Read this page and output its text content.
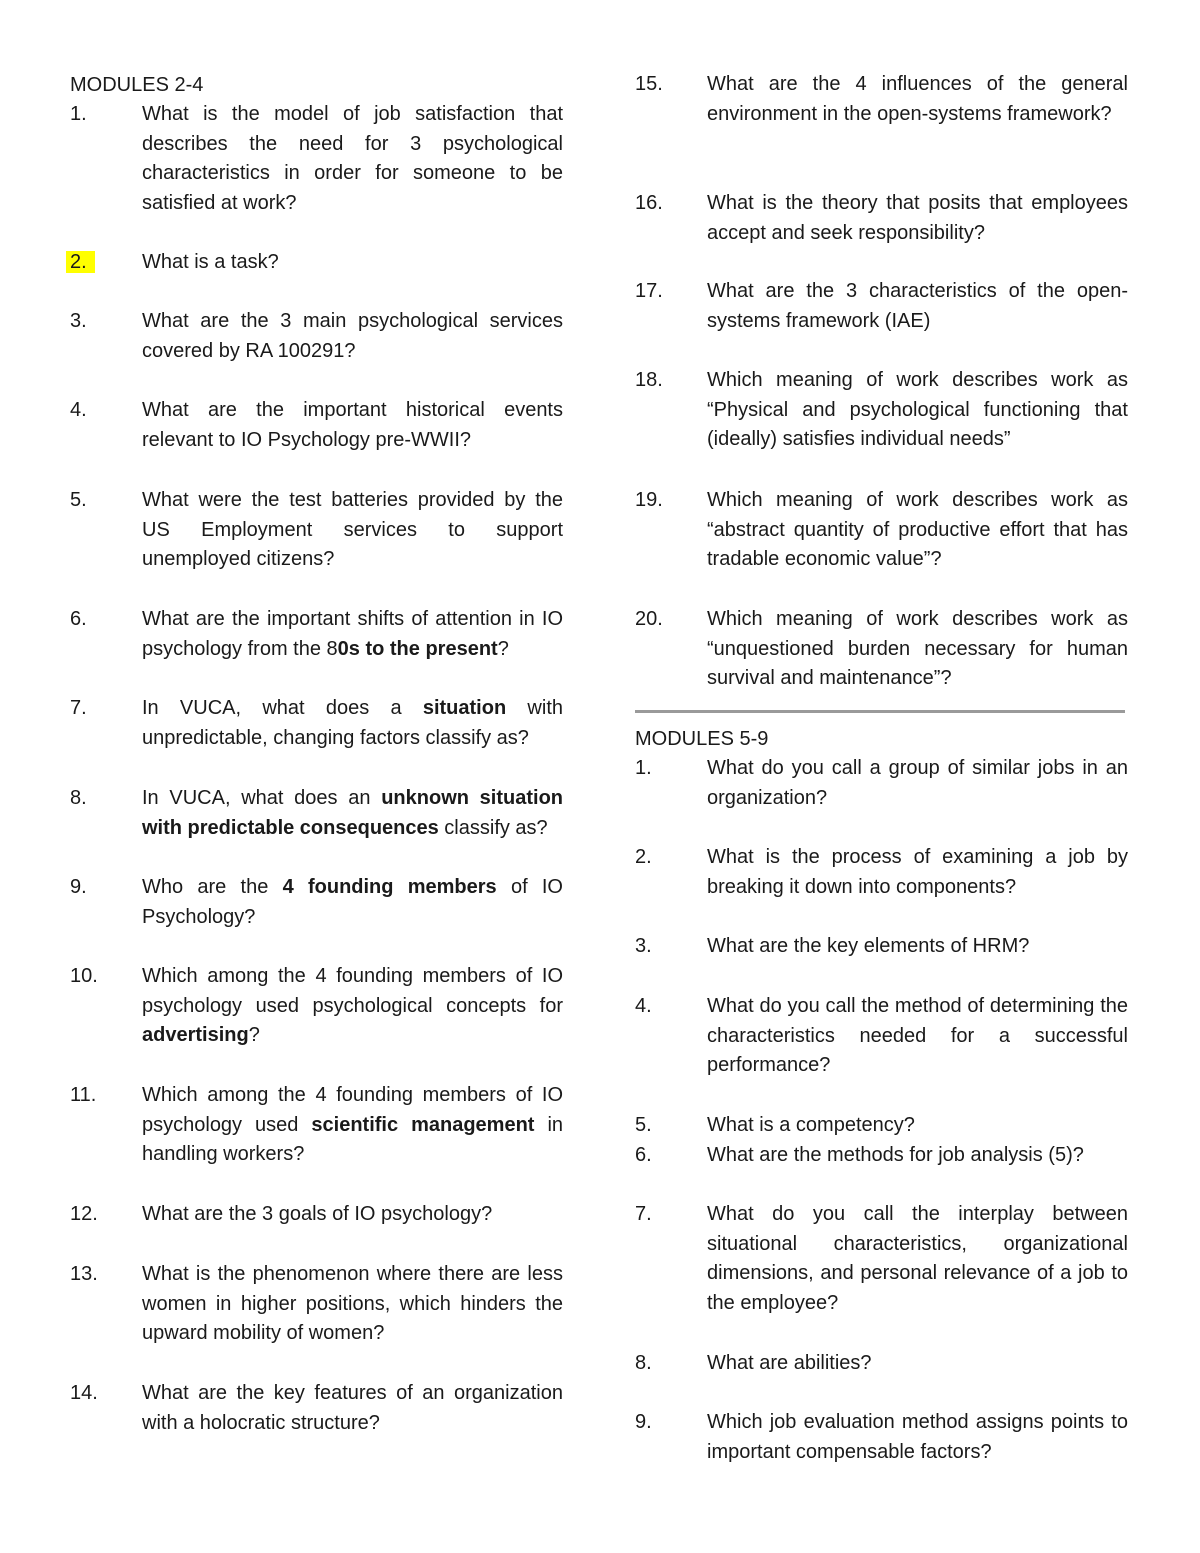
MODULES 2-4
1.	What is the model of job satisfaction that describes the need for 3 psychological characteristics in order for someone to be satisfied at work?
2.	What is a task?
3.	What are the 3 main psychological services covered by RA 100291?
4.	What are the important historical events relevant to IO Psychology pre-WWII?
5.	What were the test batteries provided by the US Employment services to support unemployed citizens?
6.	What are the important shifts of attention in IO psychology from the 80s to the present?
7.	In VUCA, what does a situation with unpredictable, changing factors classify as?
8.	In VUCA, what does an unknown situation with predictable consequences classify as?
9.	Who are the 4 founding members of IO Psychology?
10.	Which among the 4 founding members of IO psychology used psychological concepts for advertising?
11.	Which among the 4 founding members of IO psychology used scientific management in handling workers?
12.	What are the 3 goals of IO psychology?
13.	What is the phenomenon where there are less women in higher positions, which hinders the upward mobility of women?
14.	What are the key features of an organization with a holocratic structure?
MODULES 5-9
15.	What are the 4 influences of the general environment in the open-systems framework?
16.	What is the theory that posits that employees accept and seek responsibility?
17.	What are the 3 characteristics of the open-systems framework (IAE)
18.	Which meaning of work describes work as “Physical and psychological functioning that (ideally) satisfies individual needs”
19.	Which meaning of work describes work as “abstract quantity of productive effort that has tradable economic value”?
20.	Which meaning of work describes work as “unquestioned burden necessary for human survival and maintenance”?
1.	What do you call a group of similar jobs in an organization?
2.	What is the process of examining a job by breaking it down into components?
3.	What are the key elements of HRM?
4.	What do you call the method of determining the characteristics needed for a successful performance?
5.	What is a competency?
6.	What are the methods for job analysis (5)?
7.	What do you call the interplay between situational characteristics, organizational dimensions, and personal relevance of a job to the employee?
8.	What are abilities?
9.	Which job evaluation method assigns points to important compensable factors?
